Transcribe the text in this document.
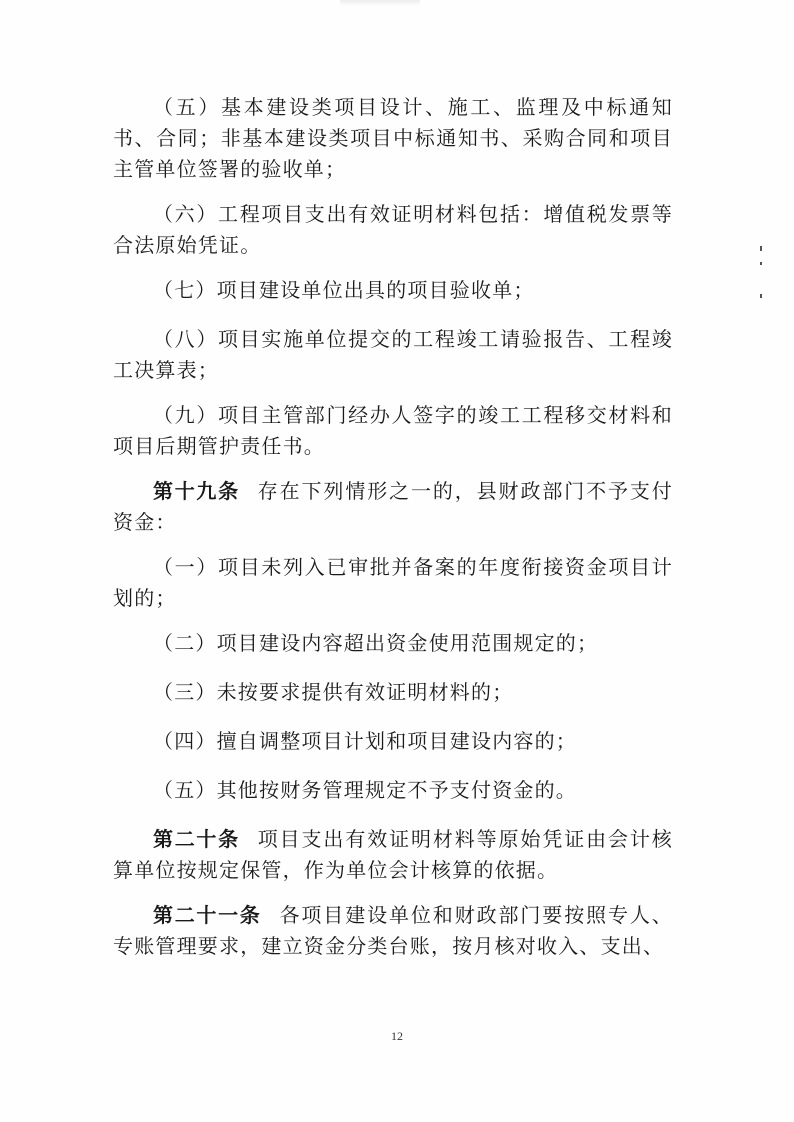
（五）基本建设类项目设计、施工、监理及中标通知书、合同；非基本建设类项目中标通知书、采购合同和项目主管单位签署的验收单；

（六）工程项目支出有效证明材料包括：增值税发票等合法原始凭证。

（七）项目建设单位出具的项目验收单；

（八）项目实施单位提交的工程竣工请验报告、工程竣工决算表；

（九）项目主管部门经办人签字的竣工工程移交材料和项目后期管护责任书。

第十九条 存在下列情形之一的，县财政部门不予支付资金：

（一）项目未列入已审批并备案的年度衔接资金项目计划的；

（二）项目建设内容超出资金使用范围规定的；

（三）未按要求提供有效证明材料的；

（四）擅自调整项目计划和项目建设内容的；

（五）其他按财务管理规定不予支付资金的。

第二十条 项目支出有效证明材料等原始凭证由会计核算单位按规定保管，作为单位会计核算的依据。

第二十一条 各项目建设单位和财政部门要按照专人、专账管理要求，建立资金分类台账，按月核对收入、支出、

12
